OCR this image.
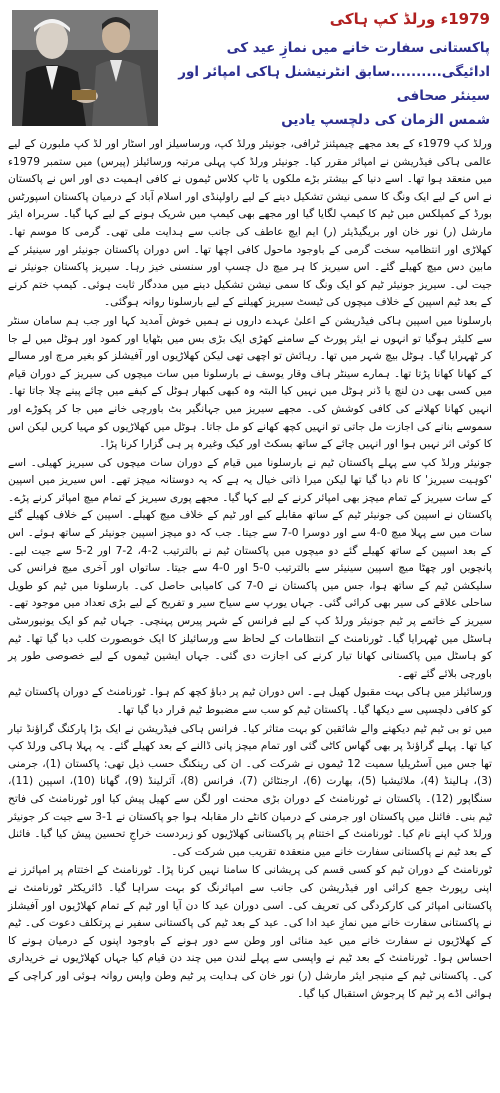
1979ء ورلڈ کپ ہاکی

پاکستانی سفارت خانے میں نمازِ عید کی ادائیگی..........سابق انٹرنیشنل ہاکی امپائر اور سینئر صحافی

شمس الزمان کی دلچسپ یادیں

ورلڈ کپ 1979ء کے بعد مجھے چیمپئنز ٹرافی، جونیئر ورلڈ کپ، ورساسیلز اور اسٹار اور لڈ کپ ملبورن کے لیے عالمی ہاکی فیڈریشن نے امپائر مقرر کیا۔ جونیئر ورلڈ کپ پہلی مرتبہ ورسائیلز (پیرس) میں ستمبر 1979ء میں منعقد ہوا تھا۔ اسے دنیا کے بیشتر بڑے ملکوں یا ٹاپ کلاس ٹیموں نے کافی اہمیت دی اور اس نے پاکستان نے اس کے لیے ایک ونگ کا سمی نیشن تشکیل دینے کے لیے راولپنڈی اور اسلام آباد کے درمیان پاکستان اسپورٹس بورڈ کے کمپلکس میں ٹیم کا کیمپ لگایا گیا اور مجھے بھی کیمپ میں شریک ہونے کے لیے کہا گیا۔ سربراہ ایئر مارشل (ر) نور خان اور بریگیڈیئر (ر) ایم ایچ عاطف کی جانب سے ہدایت ملی تھی۔ گرمی کا موسم تھا۔ کھلاڑی اور انتظامیہ سخت گرمی کے باوجود ماحول کافی اچھا تھا۔ اس دوران پاکستان جونیئر اور سینیئر کے مابین دس میچ کھیلے گئے۔ اس سیریز کا ہر میچ دل چسپ اور سنسنی خیز رہا۔ سیریز پاکستان جونیئر نے جیت لی۔ سیریز جونیئر ٹیم کو ایک ونگ کا سمی نیشن تشکیل دینے میں مددگار ثابت ہوئی۔ کیمپ ختم کرنے کے بعد ٹیم اسپین کے خلاف میچوں کی ٹیسٹ سیریز کھیلنے کے لیے بارسلونا روانہ ہوگئی۔

بارسلونا میں اسپین ہاکی فیڈریشن کے اعلیٰ عہدے داروں نے ہمیں خوش آمدید کہا اور جب ہم سامان سنٹر سے کلیئر ہوگیا تو انہوں نے ایئر پورٹ کے سامنے کھڑی ایک بڑی بس میں بٹھایا اور کمود اور ہوٹل میں لے جا کر ٹھہرایا گیا۔ ہوٹل بیچ شہر میں تھا۔ رہائش تو اچھی تھی لیکن کھلاڑیوں اور آفیشلز کو بغیر مرچ اور مسالے کے کھانا کھانا پڑتا تھا۔ ہمارے سینٹر ہاف وقار یوسف نے بارسلونا میں سات میچوں کی سیریز کے دوران قیام میں کسی بھی دن لنچ یا ڈنر ہوٹل میں نہیں کیا البتہ وہ کبھی کبھار ہوٹل کے کیفے میں چائے پینے چلا جاتا تھا۔ انہیں کھانا کھلانے کی کافی کوشش کی۔ مجھے سیریز میں جہانگیر بٹ باورچی خانے میں جا کر پکوڑے اور سموسے بنانے کی اجازت مل جاتی تو انہیں کچھ کھانے کو مل جاتا۔ ہوٹل میں کھلاڑیوں کو مہیا کریں لیکن اس کا کوئی اثر نہیں ہوا اور انہیں چائے کے ساتھ بسکٹ اور کیک وغیرہ پر ہی گزارا کرنا پڑا۔

جونیئر ورلڈ کپ سے پہلے پاکستان ٹیم نے بارسلونا میں قیام کے دوران سات میچوں کی سیریز کھیلی۔ اسے 'کوہیت سیریز' کا نام دیا گیا تھا لیکن میرا ذاتی خیال یہ ہے کہ یہ دوستانہ میچز تھے۔ اس سیریز میں اسپین کے سات سیریز کے تمام میچز بھی امپائر کرنے کے لیے کہا گیا۔ مجھے پوری سیریز کے تمام میچ امپائر کرنے پڑے۔ پاکستان نے اسپین کی جونیئر ٹیم کے ساتھ مقابلے کیے اور ٹیم کے خلاف میچ کھیلے۔ اسپین کے خلاف کھیلے گئے سات میں سے پہلا میچ 0-4 سے اور دوسرا 0-7 سے جیتا۔ جب کہ دو میچز اسپین جونیئر کے ساتھ ہوئے۔ اس کے بعد اسپین کے ساتھ کھیلے گئے دو میچوں میں پاکستان ٹیم نے بالترتیب 2-4، 2-7 اور 2-5 سے جیت لیے۔ پانچویں اور چھٹا میچ اسپین سینیئر سے بالترتیب 0-5 اور 0-4 سے جیتا۔ ساتواں اور آخری میچ فرانس کی سلیکشن ٹیم کے ساتھ ہوا، جس میں پاکستان نے 0-7 کی کامیابی حاصل کی۔ بارسلونا میں ٹیم کو طویل ساحلی علاقے کی سیر بھی کرائی گئی۔ جہاں یورپ سے سیاح سیر و تفریح کے لیے بڑی تعداد میں موجود تھے۔ سیریز کے خاتمے پر ٹیم جونیئر ورلڈ کپ کے لیے فرانس کے شہر پیرس پہنچی۔ جہاں ٹیم کو ایک یونیورسٹی ہاسٹل میں ٹھہرایا گیا۔ ٹورنامنٹ کے انتظامات کے لحاظ سے ورسائیلز کا ایک خوبصورت کلب دیا گیا تھا۔ ٹیم کو ہاسٹل میں پاکستانی کھانا تیار کرنے کی اجازت دی گئی۔ جہاں ایشین ٹیموں کے لیے خصوصی طور پر باورچی بلائے گئے تھے۔

ورسائیلز میں ہاکی بہت مقبول کھیل ہے۔ اس دوران ٹیم پر دباؤ کچھ کم ہوا۔ ٹورنامنٹ کے دوران پاکستان ٹیم کو کافی دلچسپی سے دیکھا گیا۔ پاکستان ٹیم کو سب سے مضبوط ٹیم قرار دیا گیا تھا۔

میں تو بی ٹیم ٹیم دیکھنے والے شائقین کو بہت متاثر کیا۔ فرانس ہاکی فیڈریشن نے ایک بڑا پارکنگ گراؤنڈ تیار کیا تھا۔ پہلے گراؤنڈ پر بھی گھاس کاٹی گئی اور تمام میچز پانی ڈالنے کے بعد کھیلے گئے۔ یہ پہلا ہاکی ورلڈ کپ تھا جس میں آسٹریلیا سمیت 12 ٹیموں نے شرکت کی۔ ان کی رینکنگ حسب ذیل تھی: پاکستان (1)، جرمنی (3)، ہالینڈ (4)، ملائیشیا (5)، بھارت (6)، ارجنٹائن (7)، فرانس (8)، آئرلینڈ (9)، گھانا (10)، اسپین (11)، سنگاپور (12)۔ پاکستان نے ٹورنامنٹ کے دوران بڑی محنت اور لگن سے کھیل پیش کیا اور ٹورنامنٹ کی فاتح ٹیم بنی۔ فائنل میں پاکستان اور جرمنی کے درمیان کانٹے دار مقابلہ ہوا جو پاکستان نے 1-3 سے جیت کر جونیئر ورلڈ کپ اپنے نام کیا۔ ٹورنامنٹ کے اختتام پر پاکستانی کھلاڑیوں کو زبردست خراجِ تحسین پیش کیا گیا۔ فائنل کے بعد ٹیم نے پاکستانی سفارت خانے میں منعقدہ تقریب میں شرکت کی۔

ٹورنامنٹ کے دوران ٹیم کو کسی قسم کی پریشانی کا سامنا نہیں کرنا پڑا۔ ٹورنامنٹ کے اختتام پر امپائرز نے اپنی رپورٹ جمع کرائی اور فیڈریشن کی جانب سے امپائرنگ کو بہت سراہا گیا۔ ڈائریکٹر ٹورنامنٹ نے پاکستانی امپائر کی کارکردگی کی تعریف کی۔ اسی دوران عید کا دن آیا اور ٹیم کے تمام کھلاڑیوں اور آفیشلز نے پاکستانی سفارت خانے میں نمازِ عید ادا کی۔ عید کے بعد ٹیم کی پاکستانی سفیر نے پرتکلف دعوت کی۔ ٹیم کے کھلاڑیوں نے سفارت خانے میں عید منائی اور وطن سے دور ہونے کے باوجود اپنوں کے درمیان ہونے کا احساس ہوا۔ ٹورنامنٹ کے بعد ٹیم نے واپسی سے پہلے لندن میں چند دن قیام کیا جہاں کھلاڑیوں نے خریداری کی۔ پاکستانی ٹیم کے منیجر ایئر مارشل (ر) نور خان کی ہدایت پر ٹیم وطن واپس روانہ ہوئی اور کراچی کے ہوائی اڈے پر ٹیم کا پرجوش استقبال کیا گیا۔
